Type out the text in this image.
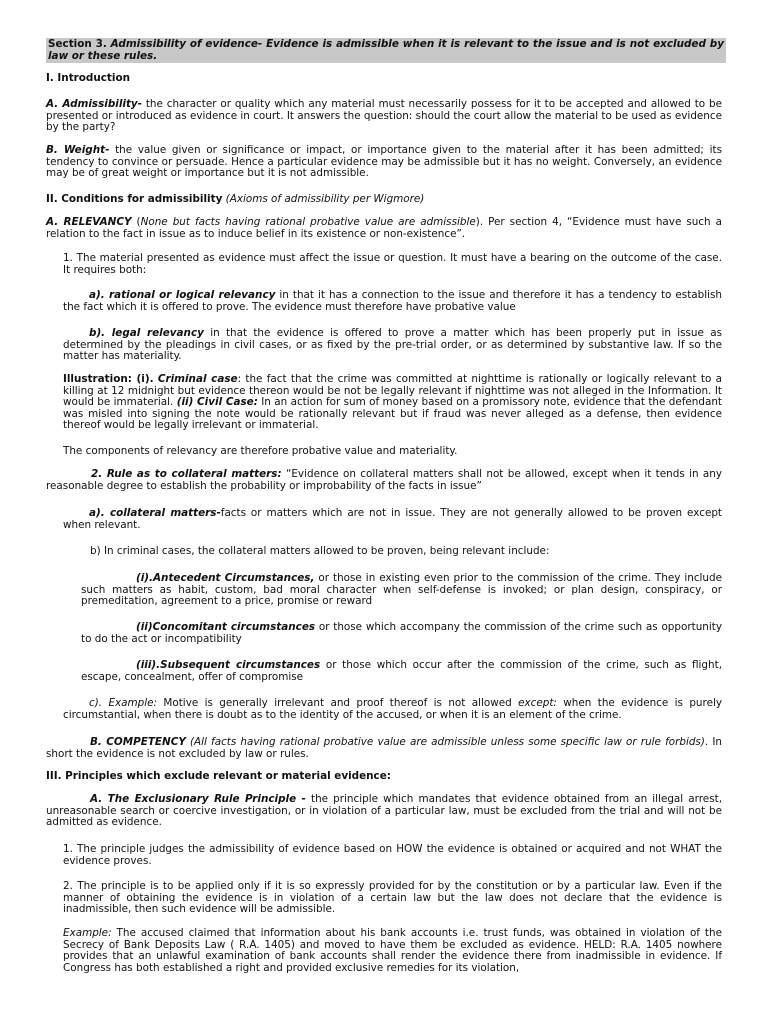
Section 3. Admissibility of evidence- Evidence is admissible when it is relevant to the issue and is not excluded by law or these rules.

I. Introduction

A. Admissibility- the character or quality which any material must necessarily possess for it to be accepted and allowed to be presented or introduced as evidence in court. It answers the question: should the court allow the material to be used as evidence by the party?

B. Weight- the value given or significance or impact, or importance given to the material after it has been admitted; its tendency to convince or persuade. Hence a particular evidence may be admissible but it has no weight. Conversely, an evidence may be of great weight or importance but it is not admissible.

II. Conditions for admissibility (Axioms of admissibility per Wigmore)

A. RELEVANCY (None but facts having rational probative value are admissible). Per section 4, “Evidence must have such a relation to the fact in issue as to induce belief in its existence or non-existence”.

1. The material presented as evidence must affect the issue or question. It must have a bearing on the outcome of the case. It requires both:

a). rational or logical relevancy in that it has a connection to the issue and therefore it has a tendency to establish the fact which it is offered to prove. The evidence must therefore have probative value

b). legal relevancy in that the evidence is offered to prove a matter which has been properly put in issue as determined by the pleadings in civil cases, or as fixed by the pre-trial order, or as determined by substantive law. If so the matter has materiality.

Illustration: (i). Criminal case: the fact that the crime was committed at nighttime is rationally or logically relevant to a killing at 12 midnight but evidence thereon would be not be legally relevant if nighttime was not alleged in the Information. It would be immaterial. (ii) Civil Case: In an action for sum of money based on a promissory note, evidence that the defendant was misled into signing the note would be rationally relevant but if fraud was never alleged as a defense, then evidence thereof would be legally irrelevant or immaterial.

The components of relevancy are therefore probative value and materiality.

2. Rule as to collateral matters: “Evidence on collateral matters shall not be allowed, except when it tends in any reasonable degree to establish the probability or improbability of the facts in issue”

a). collateral matters-facts or matters which are not in issue. They are not generally allowed to be proven except when relevant.

b) In criminal cases, the collateral matters allowed to be proven, being relevant include:

(i).Antecedent Circumstances, or those in existing even prior to the commission of the crime. They include such matters as habit, custom, bad moral character when self-defense is invoked; or plan design, conspiracy, or premeditation, agreement to a price, promise or reward

(ii)Concomitant circumstances or those which accompany the commission of the crime such as opportunity to do the act or incompatibility

(iii).Subsequent circumstances or those which occur after the commission of the crime, such as flight, escape, concealment, offer of compromise

c). Example: Motive is generally irrelevant and proof thereof is not allowed except: when the evidence is purely circumstantial, when there is doubt as to the identity of the accused, or when it is an element of the crime.

B. COMPETENCY (All facts having rational probative value are admissible unless some specific law or rule forbids). In short the evidence is not excluded by law or rules.

III. Principles which exclude relevant or material evidence:

A. The Exclusionary Rule Principle - the principle which mandates that evidence obtained from an illegal arrest, unreasonable search or coercive investigation, or in violation of a particular law, must be excluded from the trial and will not be admitted as evidence.

1. The principle judges the admissibility of evidence based on HOW the evidence is obtained or acquired and not WHAT the evidence proves.

2. The principle is to be applied only if it is so expressly provided for by the constitution or by a particular law. Even if the manner of obtaining the evidence is in violation of a certain law but the law does not declare that the evidence is inadmissible, then such evidence will be admissible.

Example: The accused claimed that information about his bank accounts i.e. trust funds, was obtained in violation of the Secrecy of Bank Deposits Law ( R.A. 1405) and moved to have them be excluded as evidence. HELD: R.A. 1405 nowhere provides that an unlawful examination of bank accounts shall render the evidence there from inadmissible in evidence. If Congress has both established a right and provided exclusive remedies for its violation,
